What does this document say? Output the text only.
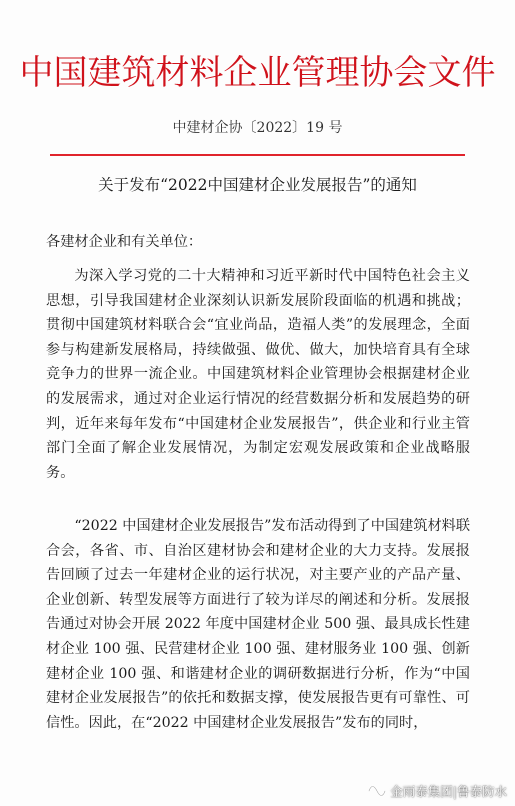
中国建筑材料企业管理协会文件
中建材企协〔2022〕19 号
关于发布“2022中国建材企业发展报告”的通知
各建材企业和有关单位：
为深入学习党的二十大精神和习近平新时代中国特色社会主义思想，引导我国建材企业深刻认识新发展阶段面临的机遇和挑战；贯彻中国建筑材料联合会“宜业尚品，造福人类”的发展理念，全面参与构建新发展格局，持续做强、做优、做大，加快培育具有全球竞争力的世界一流企业。中国建筑材料企业管理协会根据建材企业的发展需求，通过对企业运行情况的经营数据分析和发展趋势的研判，近年来每年发布“中国建材企业发展报告”，供企业和行业主管部门全面了解企业发展情况，为制定宏观发展政策和企业战略服务。
“2022 中国建材企业发展报告”发布活动得到了中国建筑材料联合会，各省、市、自治区建材协会和建材企业的大力支持。发展报告回顾了过去一年建材企业的运行状况，对主要产业的产品产量、企业创新、转型发展等方面进行了较为详尽的阐述和分析。发展报告通过对协会开展 2022 年度中国建材企业 500 强、最具成长性建材企业 100 强、民营建材企业 100 强、建材服务业 100 强、创新建材企业 100 强、和谐建材企业的调研数据进行分析，作为“中国建材企业发展报告”的依托和数据支撑，使发展报告更有可靠性、可信性。因此，在“2022 中国建材企业发展报告”发布的同时，
金雨泰集团|鲁泰防水
